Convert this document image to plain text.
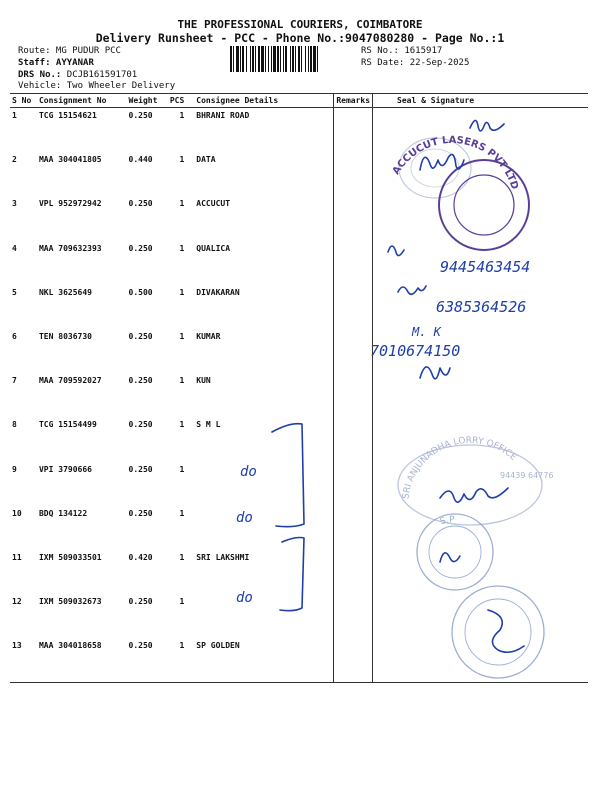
THE PROFESSIONAL COURIERS, COIMBATORE
Delivery Runsheet - PCC - Phone No.:9047080280 - Page No.:1
Route: MG PUDUR PCC
Staff: AYYANAR
DRS No.: DCJB161591701
Vehicle: Two Wheeler Delivery
RS No.: 1615917
RS Date: 22-Sep-2025
S No	Consignment No	Weight	PCS	Consignee Details	Remarks	Seal & Signature
1	TCG 15154621	0.250	1	BHRANI ROAD		
2	MAA 304041805	0.440	1	DATA		
3	VPL 952972942	0.250	1	ACCUCUT		
4	MAA 709632393	0.250	1	QUALICA		
5	NKL 3625649	0.500	1	DIVAKARAN		
6	TEN 8036730	0.250	1	KUMAR		
7	MAA 709592027	0.250	1	KUN		
8	TCG 15154499	0.250	1	S M L		
9	VPI 3790666	0.250	1			
10	BDQ 134122	0.250	1			
11	IXM 509033501	0.420	1	SRI LAKSHMI		
12	IXM 509032673	0.250	1			
13	MAA 304018658	0.250	1	SP GOLDEN		
ACCUCUT LASERS PVT LTD
SRI ANJUNADHA LORRY OFFICE
94439 64776
S.P
9445463454
6385364526
M. K
7010674150
do
do
do
